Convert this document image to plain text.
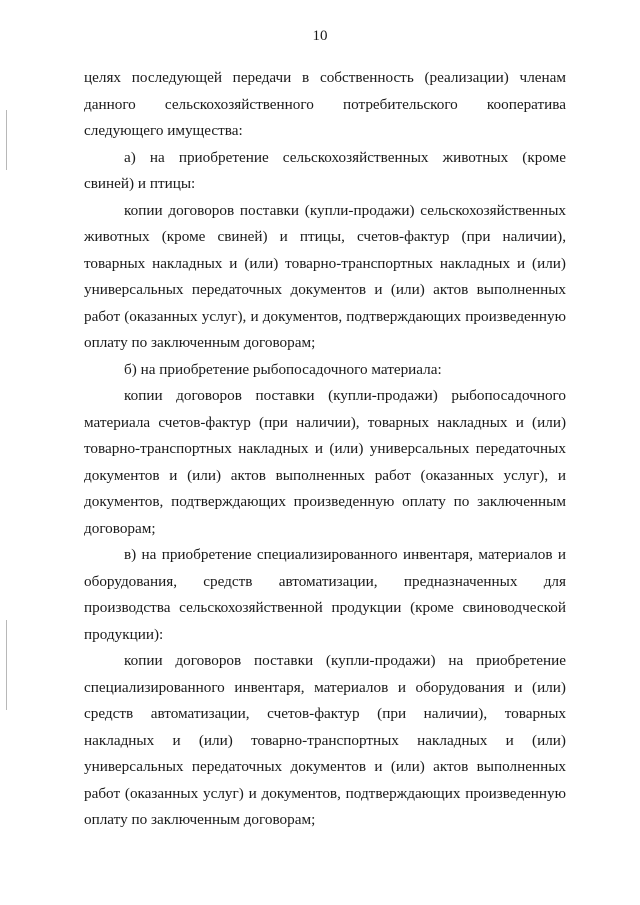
10

целях последующей передачи в собственность (реализации) членам данного сельскохозяйственного потребительского кооператива следующего имущества:

а) на приобретение сельскохозяйственных животных (кроме свиней) и птицы:

копии договоров поставки (купли-продажи) сельскохозяйственных животных (кроме свиней) и птицы, счетов-фактур (при наличии), товарных накладных и (или) товарно-транспортных накладных и (или) универсальных передаточных документов и (или) актов выполненных работ (оказанных услуг), и документов, подтверждающих произведенную оплату по заключенным договорам;

б) на приобретение рыбопосадочного материала:

копии договоров поставки (купли-продажи) рыбопосадочного материала счетов-фактур (при наличии), товарных накладных и (или) товарно-транспортных накладных и (или) универсальных передаточных документов и (или) актов выполненных работ (оказанных услуг), и документов, подтверждающих произведенную оплату по заключенным договорам;

в) на приобретение специализированного инвентаря, материалов и оборудования, средств автоматизации, предназначенных для производства сельскохозяйственной продукции (кроме свиноводческой продукции):

копии договоров поставки (купли-продажи) на приобретение специализированного инвентаря, материалов и оборудования и (или) средств автоматизации, счетов-фактур (при наличии), товарных накладных и (или) товарно-транспортных накладных и (или) универсальных передаточных документов и (или) актов выполненных работ (оказанных услуг) и документов, подтверждающих произведенную оплату по заключенным договорам;
